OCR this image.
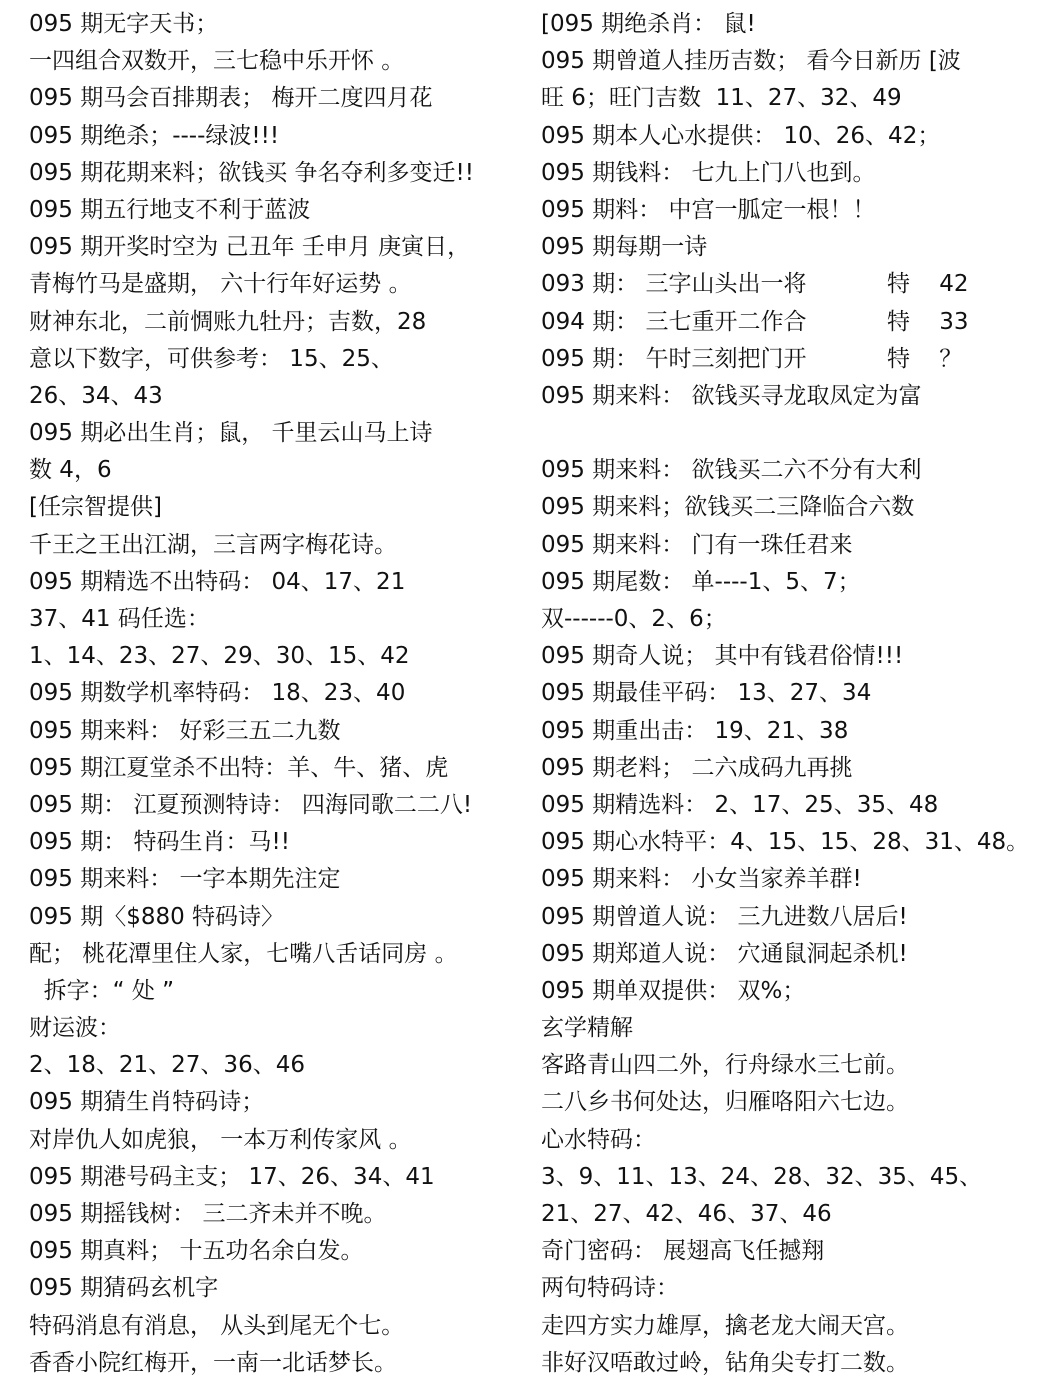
095 期无字天书；
一四组合双数开，三七稳中乐开怀 。
095 期马会百排期表； 梅开二度四月花
095 期绝杀；----绿波!!!
095 期花期来料；欲钱买 争名夺利多变迁!!
095 期五行地支不利于蓝波
095 期开奖时空为 己丑年 壬申月 庚寅日，
青梅竹马是盛期， 六十行年好运势 。
财神东北，二前惆账九牡丹；吉数，28
意以下数字，可供参考： 15、25、
26、34、43
095 期必出生肖；鼠， 千里云山马上诗
数 4，6
[任宗智提供]
千王之王出江湖，三言两字梅花诗。
095 期精选不出特码： 04、17、21
37、41 码任选：
1、14、23、27、29、30、15、42
095 期数学机率特码： 18、23、40
095 期来料： 好彩三五二九数
095 期江夏堂杀不出特：羊、牛、猪、虎
095 期： 江夏预测特诗： 四海同歌二二八!
095 期： 特码生肖：马!!
095 期来料： 一字本期先注定
095 期〈$880 特码诗〉
配； 桃花潭里住人家，七嘴八舌话同房 。
拆字：“ 处 ”
财运波：
2、18、21、27、36、46
095 期猜生肖特码诗；
对岸仇人如虎狼， 一本万利传家风 。
095 期港号码主支； 17、26、34、41
095 期摇钱树： 三二齐未并不晚。
095 期真料； 十五功名余白发。
095 期猜码玄机字
特码消息有消息， 从头到尾无个七。
香香小院红梅开，一南一北话梦长。
[095 期绝杀肖： 鼠!
095 期曾道人挂历吉数； 看今日新历 [波
旺 6；旺门吉数  11、27、32、49
095 期本人心水提供： 10、26、42；
095 期钱料： 七九上门八也到。
095 期料： 中宫一胍定一根！！
095 期每期一诗
093 期： 三字山头出一将           特    42
094 期： 三七重开二作合           特    33
095 期： 午时三刻把门开           特    ？
095 期来料： 欲钱买寻龙取凤定为富
095 期来料： 欲钱买二六不分有大利
095 期来料；欲钱买二三降临合六数
095 期来料： 门有一珠任君来
095 期尾数： 单----1、5、7；
双------0、2、6；
095 期奇人说； 其中有钱君俗情!!!
095 期最佳平码： 13、27、34
095 期重出击： 19、21、38
095 期老料； 二六成码九再挑
095 期精选料： 2、17、25、35、48
095 期心水特平：4、15、15、28、31、48。
095 期来料： 小女当家养羊群!
095 期曾道人说： 三九进数八居后!
095 期郑道人说： 穴通鼠洞起杀机!
095 期单双提供： 双%；
玄学精解
客路青山四二外，行舟绿水三七前。
二八乡书何处达，归雁咯阳六七边。
心水特码：
3、9、11、13、24、28、32、35、45、
21、27、42、46、37、46
奇门密码： 展翅高飞任撼翔
两句特码诗：
走四方实力雄厚，擒老龙大闹天宫。
非好汉唔敢过岭，钻角尖专打二数。
